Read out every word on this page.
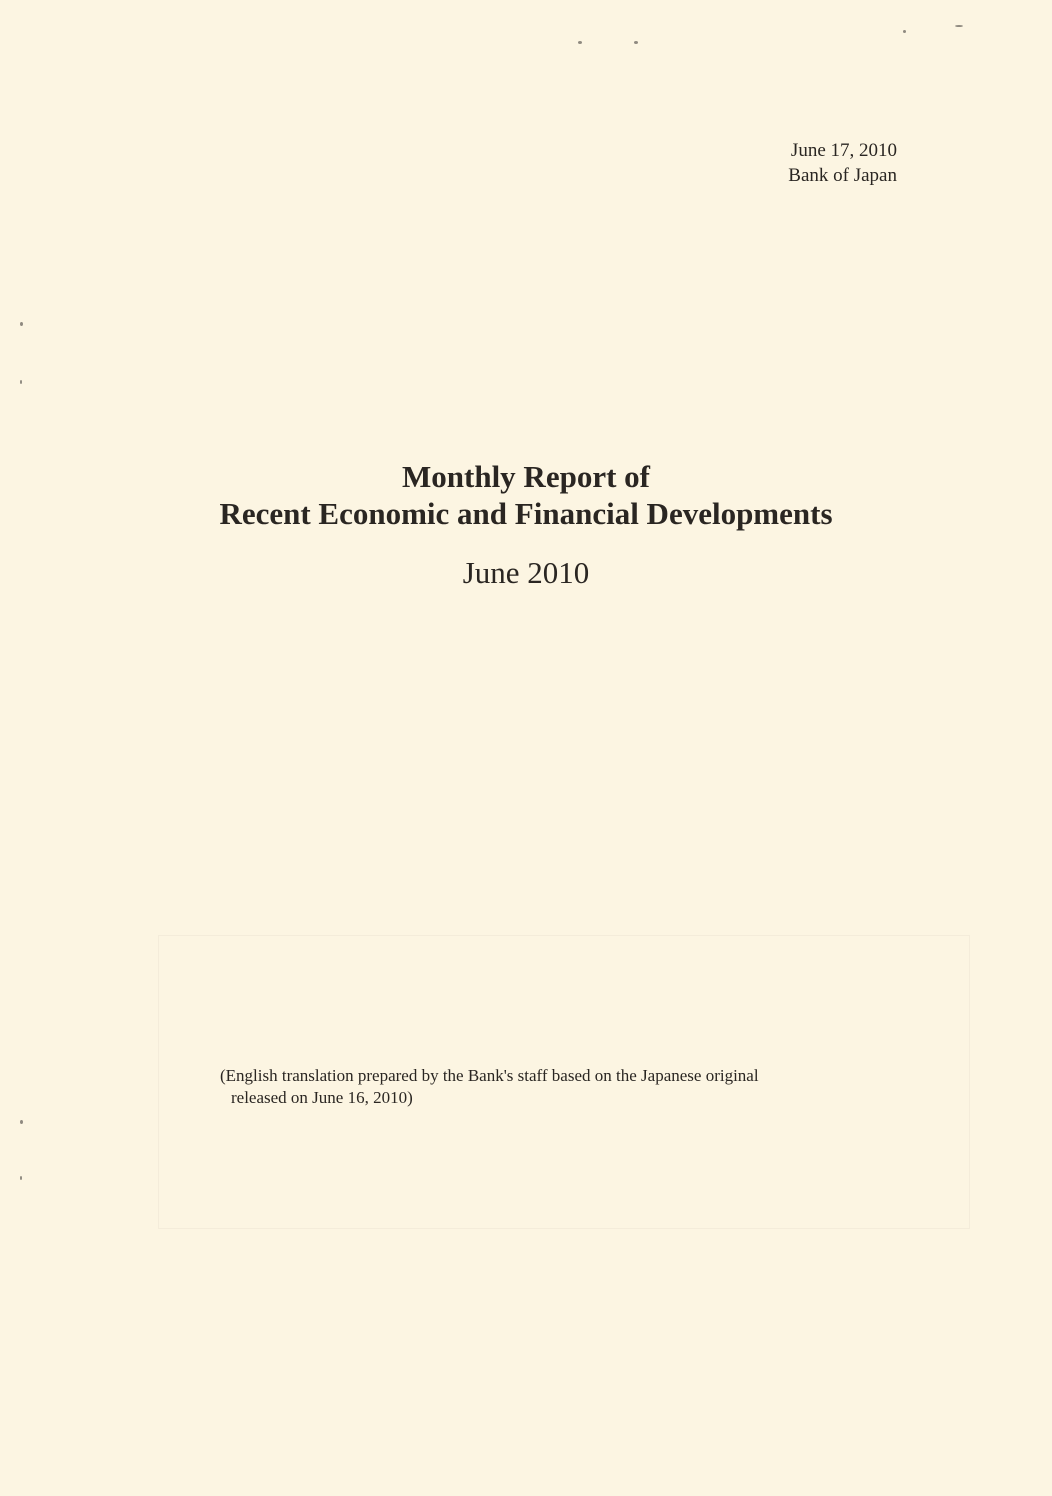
June 17, 2010
Bank of Japan
Monthly Report of
Recent Economic and Financial Developments
June 2010
(English translation prepared by the Bank's staff based on the Japanese original
released on June 16, 2010)
